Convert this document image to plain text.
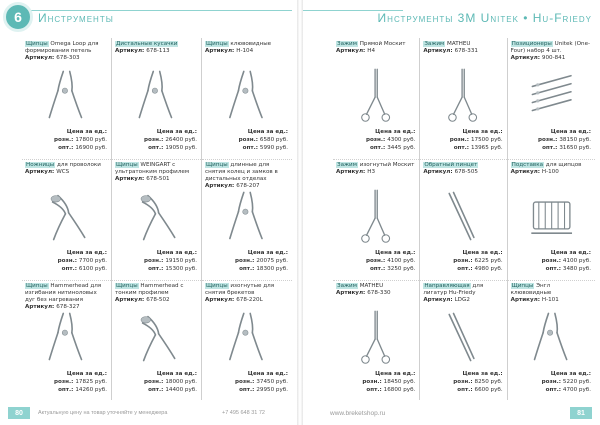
6 Инструменты
Щипцы Omega Loop для формирования петель
Артикул: 678-303
Цена за ед.:
розн.: 17800 руб.
опт.: 16900 руб.
Ножницы для проволоки
Артикул: WCS
Цена за ед.:
розн.: 7700 руб.
опт.: 6100 руб.
Щипцы Hammerhead для изгибания нитиноловых дуг без нагревания
Артикул: 678-327
Цена за ед.:
розн.: 17825 руб.
опт.: 14260 руб.
Дистальные кусачки
Артикул: 678-113
Цена за ед.:
розн.: 26400 руб.
опт.: 19050 руб.
Щипцы WEINGART с ультратонким профилем
Артикул: 678-501
Цена за ед.:
розн.: 19150 руб.
опт.: 15300 руб.
Щипцы Hammerhead с тонким профилем
Артикул: 678-502
Цена за ед.:
розн.: 18000 руб.
опт.: 14400 руб.
Щипцы клювовидные
Артикул: H-104
Цена за ед.:
розн.: 6580 руб.
опт.: 5990 руб.
Щипцы длинные для снятия колец и замков в дистальных отделах
Артикул: 678-207
Цена за ед.:
розн.: 20075 руб.
опт.: 18300 руб.
Щипцы изогнутые для снятия брекетов
Артикул: 678-220L
Цена за ед.:
розн.: 37450 руб.
опт.: 29950 руб.
80	Актуальную цену на товар уточняйте у менеджера	+7 495 648 31 72
Инструменты 3M Unitek • Hu-Friedy
Зажим Прямой Москит
Артикул: H4
Цена за ед.:
розн.: 4300 руб.
опт.: 3445 руб.
Зажим изогнутый Москит
Артикул: H3
Цена за ед.:
розн.: 4100 руб.
опт.: 3250 руб.
Зажим MATHEU
Артикул: 678-330
Цена за ед.:
розн.: 18450 руб.
опт.: 16800 руб.
Зажим MATHEU
Артикул: 678-331
Цена за ед.:
розн.: 17500 руб.
опт.: 13965 руб.
Обратный пинцет
Артикул: 678-505
Цена за ед.:
розн.: 6225 руб.
опт.: 4980 руб.
Направляющая для лигатур Hu-Friedy
Артикул: LDG2
Цена за ед.:
розн.: 8250 руб.
опт.: 6600 руб.
Позиционеры Unitek (One-Four) набор 4 шт.
Артикул: 900-841
Цена за ед.:
розн.: 38150 руб.
опт.: 31650 руб.
Подставка для щипцов
Артикул: H-100
Цена за ед.:
розн.: 4100 руб.
опт.: 3480 руб.
Щипцы Энгл клювовидные
Артикул: H-101
Цена за ед.:
розн.: 5220 руб.
опт.: 4700 руб.
www.breketshop.ru	81
